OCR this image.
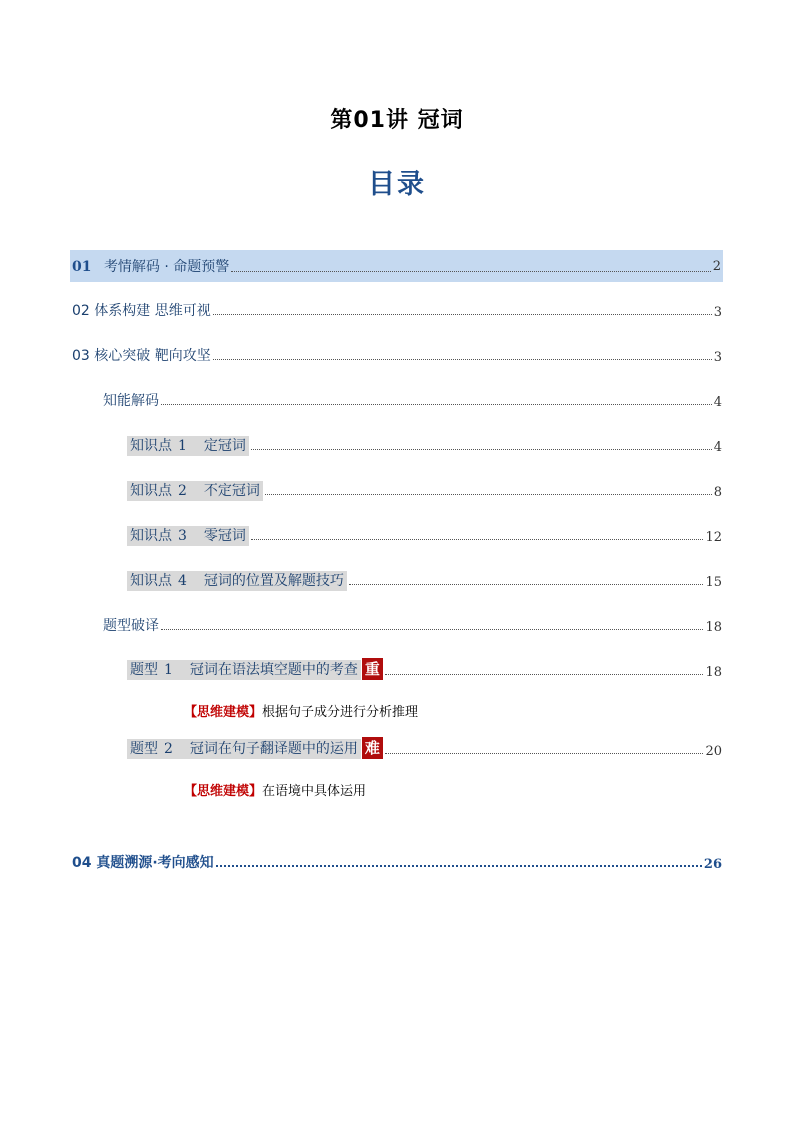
第01讲 冠词
目录
01 考情解码 · 命题预警	2
02 体系构建 思维可视	3
03 核心突破 靶向攻坚	3
知能解码	4
知识点 1 定冠词	4
知识点 2 不定冠词	8
知识点 3 零冠词	12
知识点 4 冠词的位置及解题技巧	15
题型破译	18
题型 1 冠词在语法填空题中的考查 重	18
【思维建模】根据句子成分进行分析推理
题型 2 冠词在句子翻译题中的运用 难	20
【思维建模】在语境中具体运用
04 真题溯源·考向感知	26
